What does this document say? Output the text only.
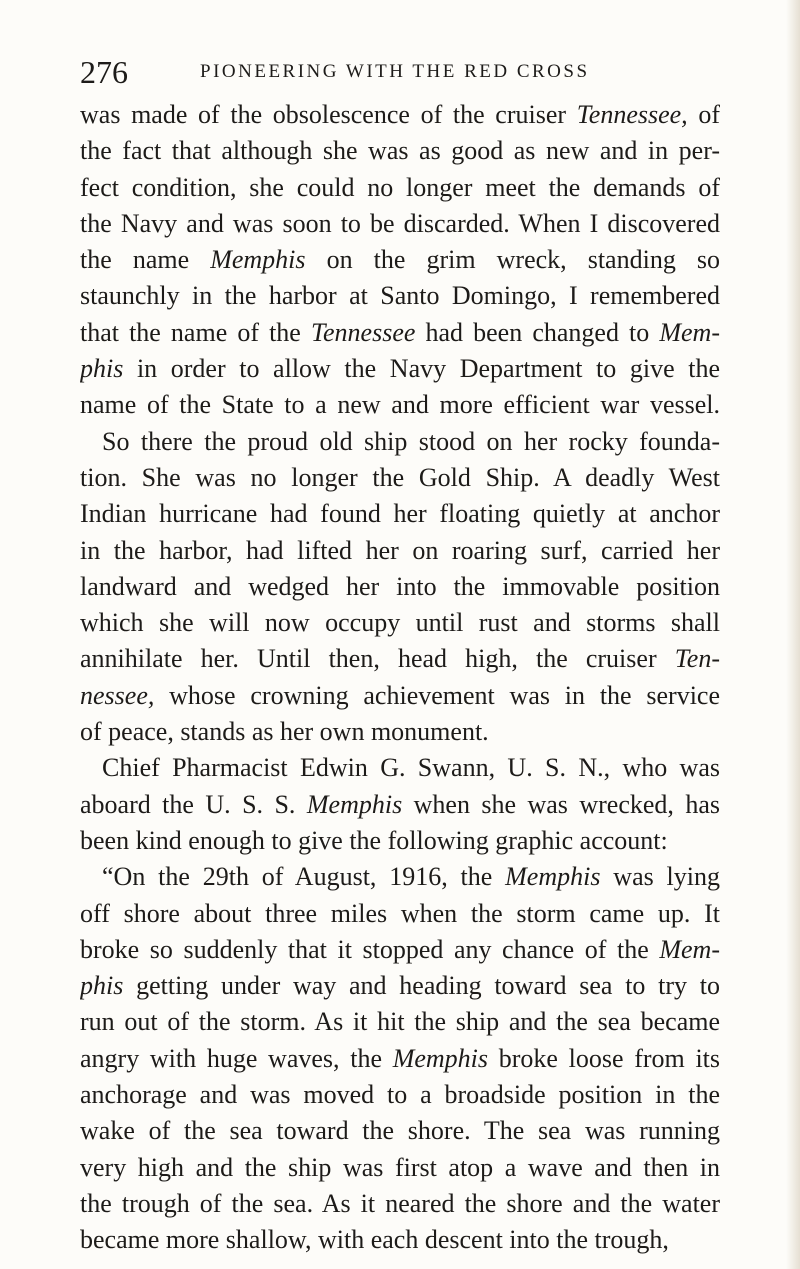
276	PIONEERING WITH THE RED CROSS
was made of the obsolescence of the cruiser Tennessee, of
the fact that although she was as good as new and in per-
fect condition, she could no longer meet the demands of
the Navy and was soon to be discarded. When I discovered
the name Memphis on the grim wreck, standing so
staunchly in the harbor at Santo Domingo, I remembered
that the name of the Tennessee had been changed to Mem-
phis in order to allow the Navy Department to give the
name of the State to a new and more efficient war vessel.
So there the proud old ship stood on her rocky founda-
tion. She was no longer the Gold Ship. A deadly West
Indian hurricane had found her floating quietly at anchor
in the harbor, had lifted her on roaring surf, carried her
landward and wedged her into the immovable position
which she will now occupy until rust and storms shall
annihilate her. Until then, head high, the cruiser Ten-
nessee, whose crowning achievement was in the service
of peace, stands as her own monument.
Chief Pharmacist Edwin G. Swann, U. S. N., who was
aboard the U. S. S. Memphis when she was wrecked, has
been kind enough to give the following graphic account:
“On the 29th of August, 1916, the Memphis was lying
off shore about three miles when the storm came up. It
broke so suddenly that it stopped any chance of the Mem-
phis getting under way and heading toward sea to try to
run out of the storm. As it hit the ship and the sea became
angry with huge waves, the Memphis broke loose from its
anchorage and was moved to a broadside position in the
wake of the sea toward the shore. The sea was running
very high and the ship was first atop a wave and then in
the trough of the sea. As it neared the shore and the water
became more shallow, with each descent into the trough,
